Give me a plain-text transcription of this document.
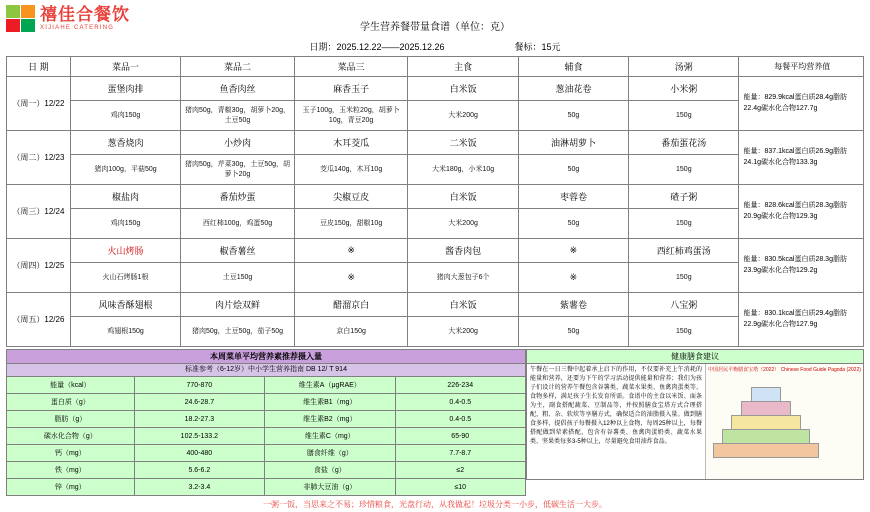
禧佳合餐饮
XIJIAHE CATERING	学生营养餐带量食谱（单位：克）
日期：2025.12.22——2025.12.26	餐标：15元
日 期	菜品一	菜品二	菜品三	主食	辅食	汤粥	每餐平均营养值
（周一）12/22	蛋堡肉排	鱼香肉丝	麻香玉子	白米饭	葱油花卷	小米粥	能量：829.9kcal蛋白质28.4g脂肪22.4g碳水化合物127.7g
	鸡肉150g	猪肉50g，青椒30g，胡萝卜20g，土豆50g	玉子100g，玉米粒20g，胡萝卜10g，青豆20g	大米200g	50g	150g	
（周二）12/23	葱香烧肉	小炒肉	木耳茭瓜	二米饭	油淋胡萝卜	番茄蛋花汤	能量：837.1kcal蛋白质26.9g脂肪24.1g碳水化合物133.3g
	猪肉100g，平菇50g	猪肉50g，芹菜30g，土豆50g，胡萝卜20g	茭瓜140g，木耳10g	大米180g，小米10g	50g	150g	
（周三）12/24	椒盐肉	番茄炒蛋	尖椒豆皮	白米饭	枣蓉卷	碴子粥	能量：828.6kcal蛋白质28.3g脂肪20.9g碳水化合物129.3g
	鸡肉150g	西红柿100g，鸡蛋50g	豆皮150g，甜椒10g	大米200g	50g	150g	
（周四）12/25	火山烤肠	椒香薯丝	※	酱香肉包	※	西红柿鸡蛋汤	能量：830.5kcal蛋白质28.3g脂肪23.9g碳水化合物129.2g
	火山石烤肠1根	土豆150g	※	猪肉大葱包子6个	※	150g	
（周五）12/26	风味香酥翅根	肉片烩双鲜	醋溜京白	白米饭	紫薯卷	八宝粥	能量：830.1kcal蛋白质29.4g脂肪22.9g碳水化合物127.9g
	鸡翅根150g	猪肉50g，土豆50g，茄子50g	京白150g	大米200g	50g	150g	
本周菜单平均营养素推荐摄入量
标准参考（6-12岁）中小学生营养指南 DB 12/ T 914
能量（kcal）	770-870	维生素A（μgRAE）	226-234
蛋白质（g）	24.6-28.7	维生素B1（mg）	0.4-0.5
脂肪（g）	18.2-27.3	维生素B2（mg）	0.4-0.5
碳水化合物（g）	102.5-133.2	维生素C（mg）	65-90
钙（mg）	400-480	膳食纤维（g）	7.7-8.7
铁（mg）	5.6-6.2	食盐（g）	≤2
锌（mg）	3.2-3.4	非肺大豆油（g）	≤10
健康膳食建议
午餐在一日三餐中起着承上启下的作用，不仅要补充上午消耗的能量和营养，还要为下午的学习活动提供能量和营养；我们为孩子们设计的营养午餐包含谷薯类、蔬菜水果类、鱼禽肉蛋类等、食物多样，满足孩子生长发育所需。食谱中的主食以米饭、面条为主，副食搭配蔬菜、豆制品等，并按照膳食宝塔方式合理搭配，粗、杂、软炊等享膳方式，确保适合的油脂摄入量。做到膳食多样，提倡孩子每餐摄入12种以上食物，每周25种以上，每餐搭配做到荤素搭配，包含有谷薯类、鱼禽肉蛋奶类、蔬菜水果类、坚果类每多3-5种以上，尽量避免食用油炸食品。
中国居民平衡膳食宝塔（2022） Chinese Food Guide Pagoda (2022)
一粥一饭，当思来之不易；珍惜粮食，光盘行动，从我做起！垃圾分类一小步，低碳生活一大步。
